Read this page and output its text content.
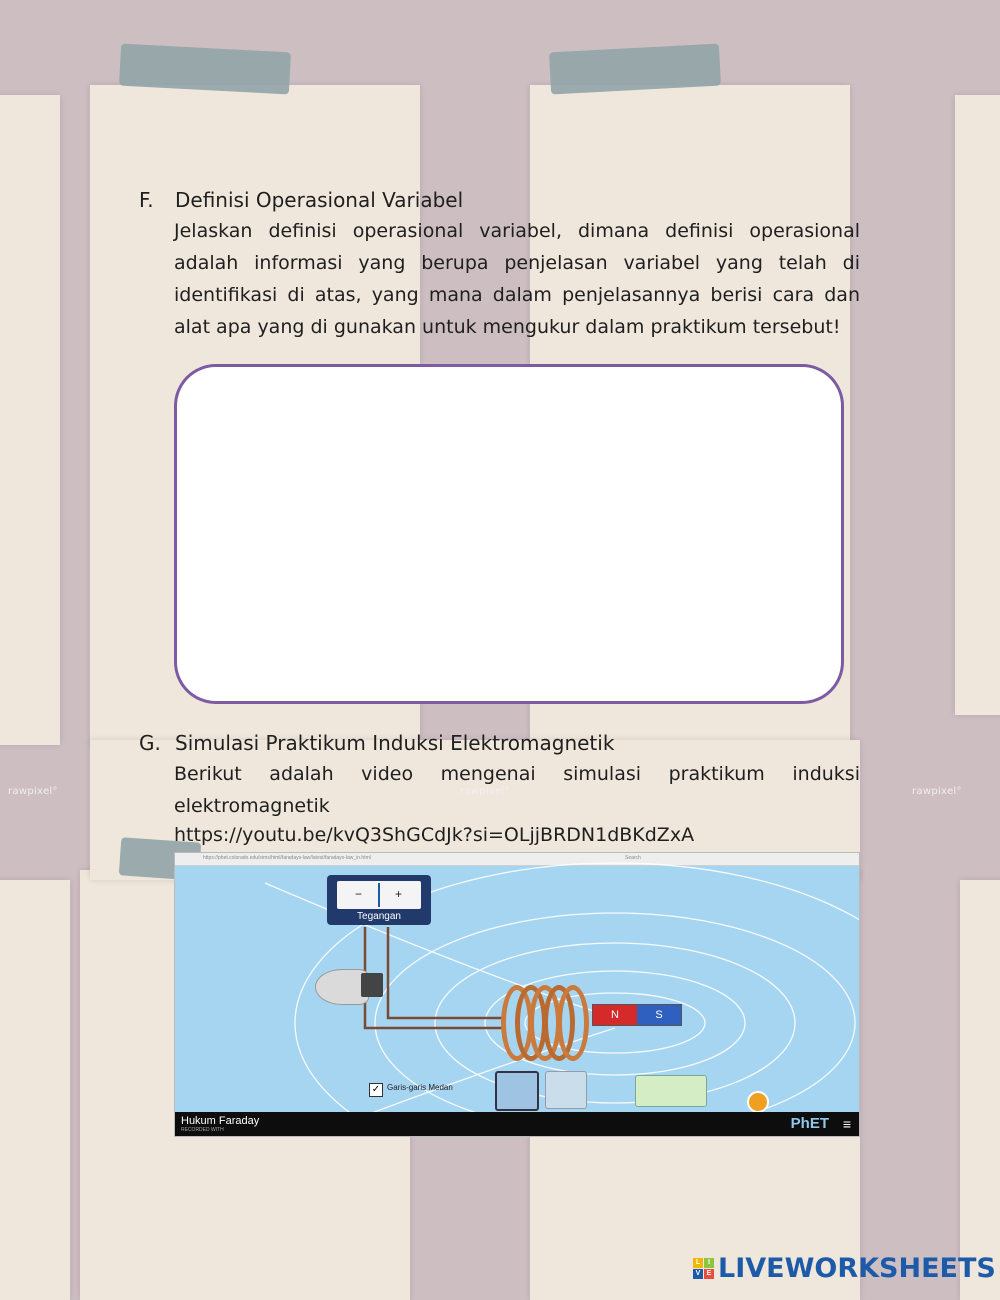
rawpixel°	rawpixel°	rawpixel°
F. Definisi Operasional Variabel
Jelaskan definisi operasional variabel, dimana definisi operasional adalah informasi yang berupa penjelasan variabel yang telah di identifikasi di atas, yang mana dalam penjelasannya berisi cara dan alat apa yang di gunakan untuk mengukur dalam praktikum tersebut!
G. Simulasi Praktikum Induksi Elektromagnetik
Berikut adalah video mengenai simulasi praktikum induksi elektromagnetik
https://youtu.be/kvQ3ShGCdJk?si=OLjjBRDN1dBKdZxA
https://phet.colorado.edu/sims/html/faradays-law/latest/faradays-law_in.html	Search
−	+
Tegangan
N	S
✓ Garis-garis Medan
Hukum Faraday
RECORDED WITH	PhET ≡
L	I
V E LIVEWORKSHEETS
